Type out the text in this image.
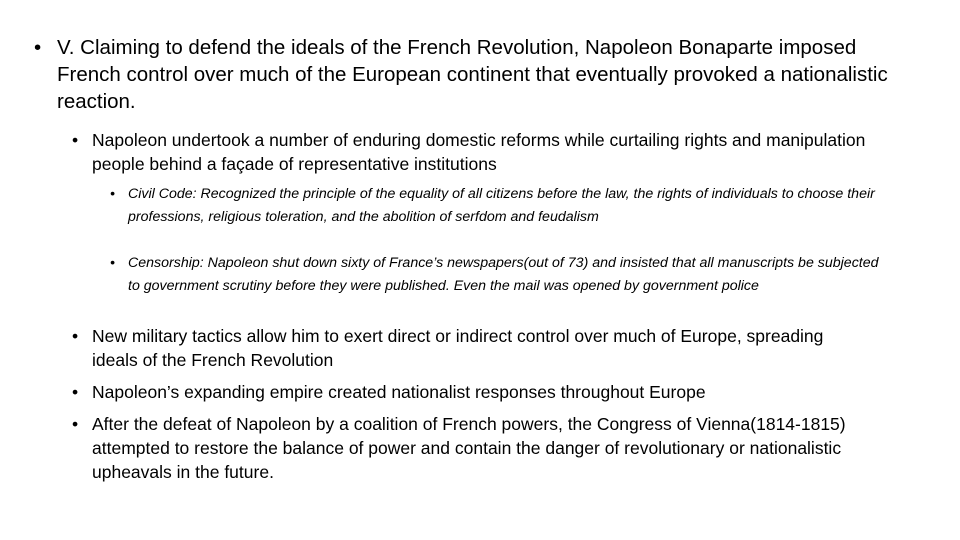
• V. Claiming to defend the ideals of the French Revolution, Napoleon Bonaparte imposed French control over much of the European continent that eventually provoked a nationalistic reaction.

• Napoleon undertook a number of enduring domestic reforms while curtailing rights and manipulation people behind a façade of representative institutions

• Civil Code: Recognized the principle of the equality of all citizens before the law, the rights of individuals to choose their professions, religious toleration, and the abolition of serfdom and feudalism

• Censorship: Napoleon shut down sixty of France’s newspapers(out of 73) and insisted that all manuscripts be subjected to government scrutiny before they were published. Even the mail was opened by government police

• New military tactics allow him to exert direct or indirect control over much of Europe, spreading ideals of the French Revolution

• Napoleon’s expanding empire created nationalist responses throughout Europe

• After the defeat of Napoleon by a coalition of French powers, the Congress of Vienna(1814-1815) attempted to restore the balance of power and contain the danger of revolutionary or nationalistic upheavals in the future.
